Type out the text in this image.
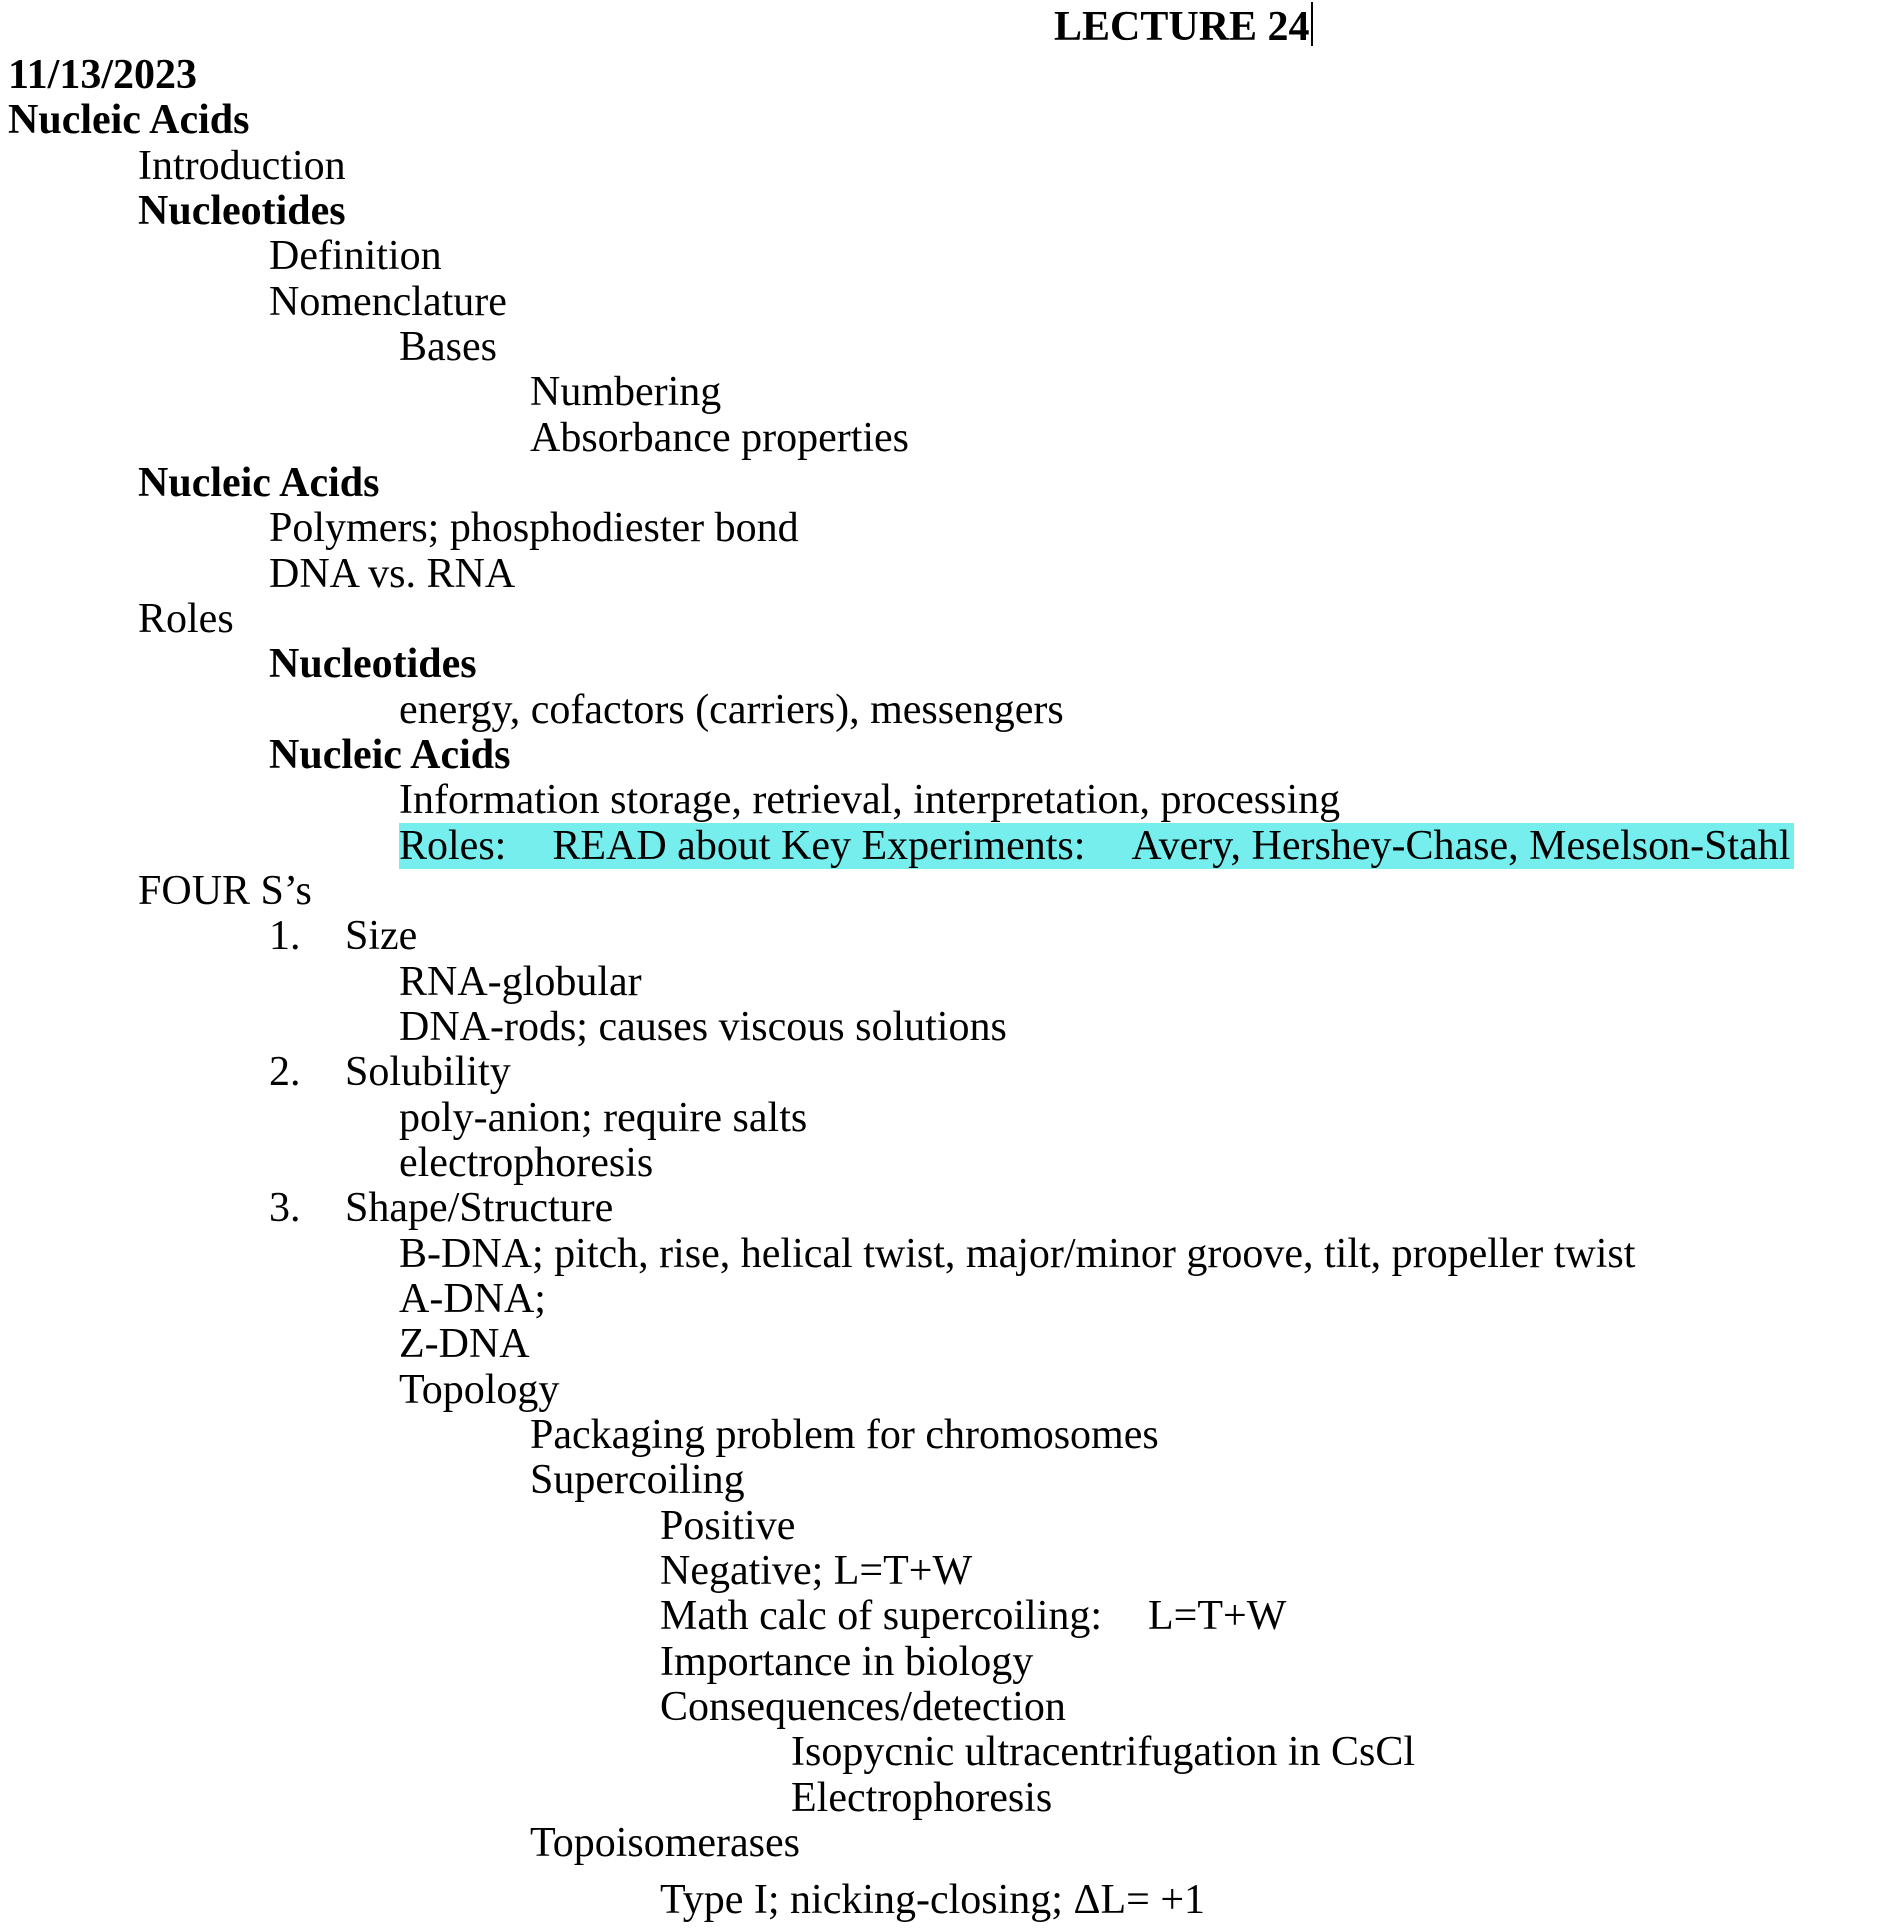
LECTURE 24
11/13/2023
Nucleic Acids
Introduction
Nucleotides
Definition
Nomenclature
Bases
Numbering
Absorbance properties
Nucleic Acids
Polymers; phosphodiester bond
DNA vs. RNA
Roles
Nucleotides
energy, cofactors (carriers), messengers
Nucleic Acids
Information storage, retrieval, interpretation, processing
Roles: READ about Key Experiments: Avery, Hershey-Chase, Meselson-Stahl
FOUR S’s
1. Size
RNA-globular
DNA-rods; causes viscous solutions
2. Solubility
poly-anion; require salts
electrophoresis
3. Shape/Structure
B-DNA; pitch, rise, helical twist, major/minor groove, tilt, propeller twist
A-DNA;
Z-DNA
Topology
Packaging problem for chromosomes
Supercoiling
Positive
Negative; L=T+W
Math calc of supercoiling: L=T+W
Importance in biology
Consequences/detection
Isopycnic ultracentrifugation in CsCl
Electrophoresis
Topoisomerases
Type I; nicking-closing; ΔL= +1
